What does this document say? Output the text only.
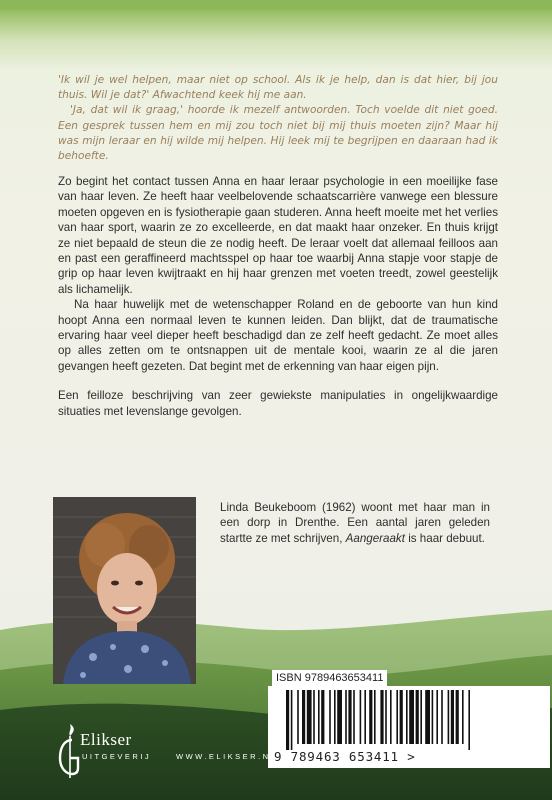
'Ik wil je wel helpen, maar niet op school. Als ik je help, dan is dat hier, bij jou thuis. Wil je dat?' Afwachtend keek hij me aan.

'Ja, dat wil ik graag,' hoorde ik mezelf antwoorden. Toch voelde dit niet goed. Een gesprek tussen hem en mij zou toch niet bij mij thuis moeten zijn? Maar hij was mijn leraar en hij wilde mij helpen. Hij leek mij te begrijpen en daaraan had ik behoefte.

Zo begint het contact tussen Anna en haar leraar psychologie in een moeilijke fase van haar leven. Ze heeft haar veelbelovende schaatscarrière vanwege een blessure moeten opgeven en is fysiotherapie gaan studeren. Anna heeft moeite met het verlies van haar sport, waarin ze zo excelleerde, en dat maakt haar onzeker. En thuis krijgt ze niet bepaald de steun die ze nodig heeft. De leraar voelt dat allemaal feilloos aan en past een geraffineerd machtsspel op haar toe waarbij Anna stapje voor stapje de grip op haar leven kwijtraakt en hij haar grenzen met voeten treedt, zowel geestelijk als lichamelijk.

Na haar huwelijk met de wetenschapper Roland en de geboorte van hun kind hoopt Anna een normaal leven te kunnen leiden. Dan blijkt, dat de traumatische ervaring haar veel dieper heeft beschadigd dan ze zelf heeft gedacht. Ze moet alles op alles zetten om te ontsnappen uit de mentale kooi, waarin ze al die jaren gevangen heeft gezeten. Dat begint met de erkenning van haar eigen pijn.

Een feilloze beschrijving van zeer gewiekste manipulaties in ongelijkwaardige situaties met levenslange gevolgen.

Linda Beukeboom (1962) woont met haar man in een dorp in Drenthe. Een aantal jaren geleden startte ze met schrijven, Aangeraakt is haar debuut.
ISBN 9789463653411
9 789463 653411 >
Elikser
UITGEVERIJ	WWW.ELIKSER.NL
